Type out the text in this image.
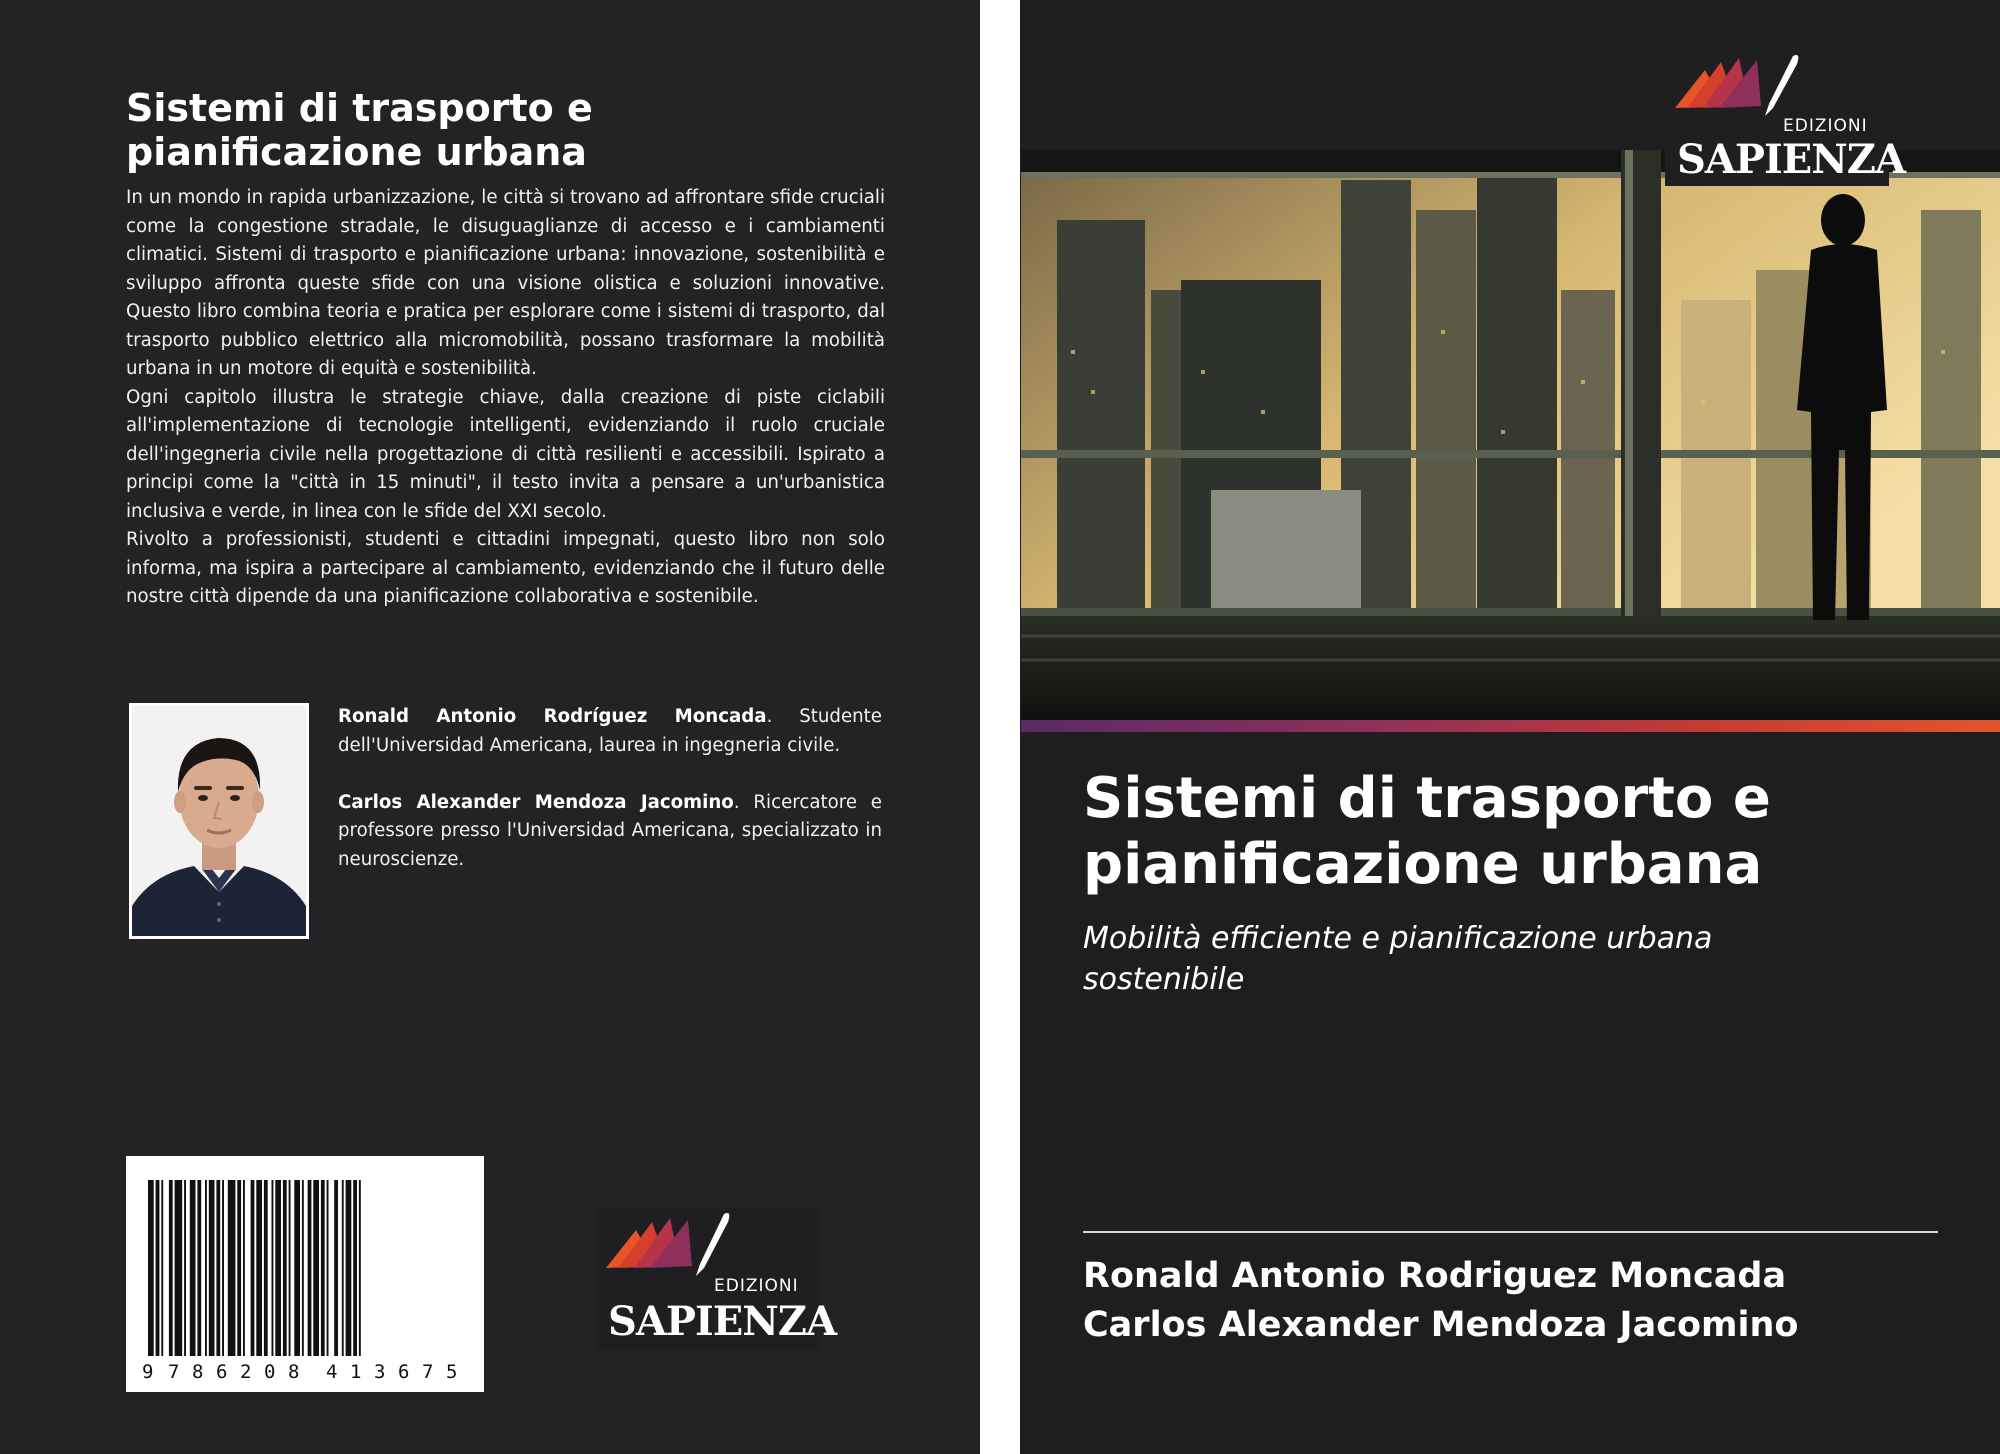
Sistemi di trasporto e pianificazione urbana

In un mondo in rapida urbanizzazione, le città si trovano ad affrontare sfide cruciali come la congestione stradale, le disuguaglianze di accesso e i cambiamenti climatici. Sistemi di trasporto e pianificazione urbana: innovazione, sostenibilità e sviluppo affronta queste sfide con una visione olistica e soluzioni innovative. Questo libro combina teoria e pratica per esplorare come i sistemi di trasporto, dal trasporto pubblico elettrico alla micromobilità, possano trasformare la mobilità urbana in un motore di equità e sostenibilità.

Ogni capitolo illustra le strategie chiave, dalla creazione di piste ciclabili all'implementazione di tecnologie intelligenti, evidenziando il ruolo cruciale dell'ingegneria civile nella progettazione di città resilienti e accessibili. Ispirato a principi come la "città in 15 minuti", il testo invita a pensare a un'urbanistica inclusiva e verde, in linea con le sfide del XXI secolo.

Rivolto a professionisti, studenti e cittadini impegnati, questo libro non solo informa, ma ispira a partecipare al cambiamento, evidenziando che il futuro delle nostre città dipende da una pianificazione collaborativa e sostenibile.

Ronald Antonio Rodríguez Moncada. Studente dell'Universidad Americana, laurea in ingegneria civile.

Carlos Alexander Mendoza Jacomino. Ricercatore e professore presso l'Universidad Americana, specializzato in neuroscienze.

9 7 8 6 2 0 8 4 1 3 6 7 5
EDIZIONI
SAPIENZA
EDIZIONI
SAPIENZA
Sistemi di trasporto e pianificazione urbana

Mobilità efficiente e pianificazione urbana sostenibile

Ronald Antonio Rodriguez Moncada
Carlos Alexander Mendoza Jacomino
